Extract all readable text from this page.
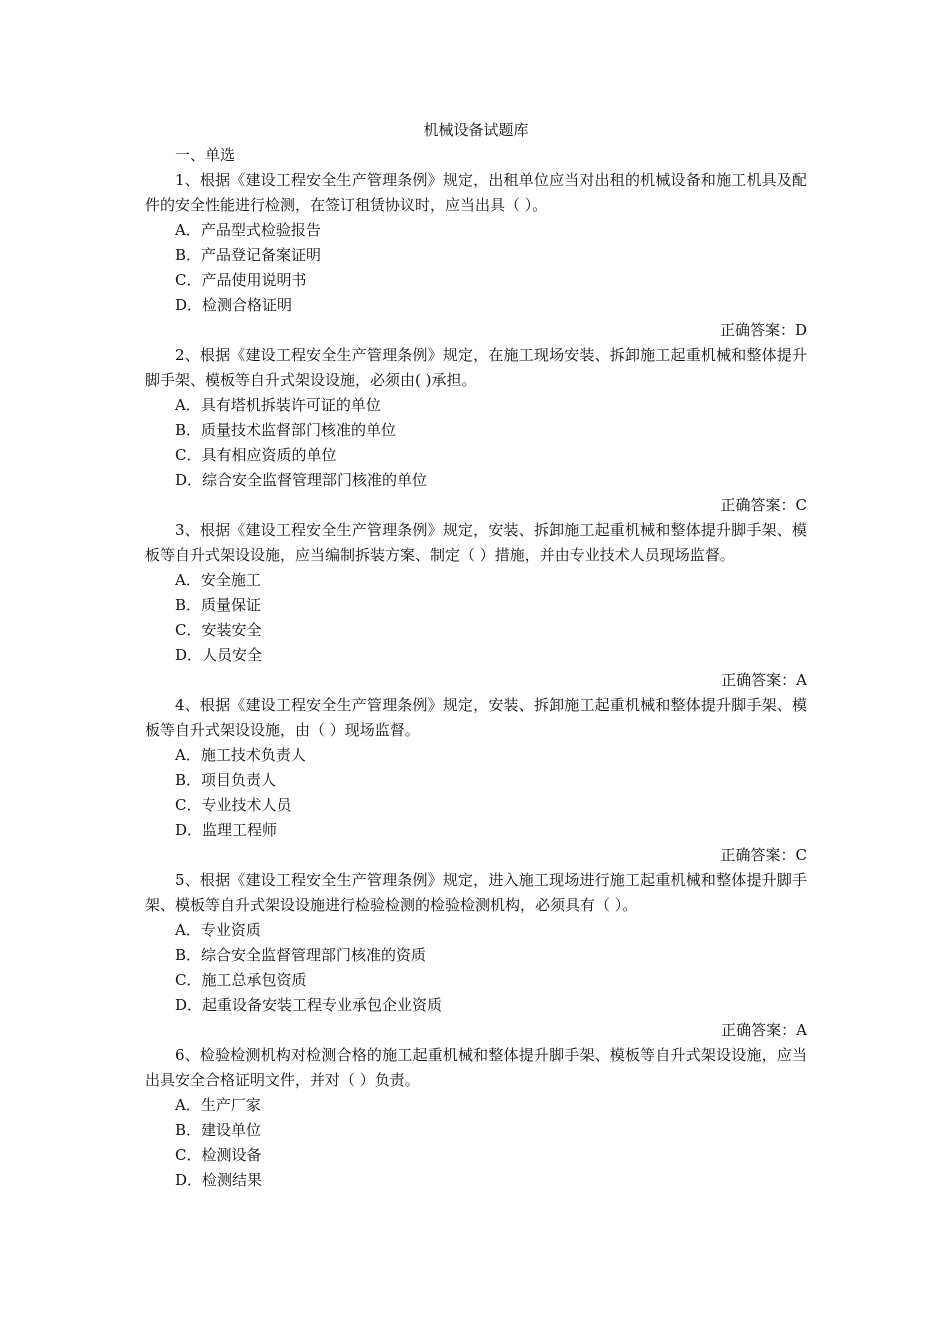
机械设备试题库
一、单选
1、根据《建设工程安全生产管理条例》规定，出租单位应当对出租的机械设备和施工机具及配件的安全性能进行检测，在签订租赁协议时，应当出具（ ）。
A．产品型式检验报告
B．产品登记备案证明
C．产品使用说明书
D．检测合格证明
正确答案：D
2、根据《建设工程安全生产管理条例》规定，在施工现场安装、拆卸施工起重机械和整体提升脚手架、模板等自升式架设设施，必须由( )承担。
A．具有塔机拆装许可证的单位
B．质量技术监督部门核准的单位
C．具有相应资质的单位
D．综合安全监督管理部门核准的单位
正确答案：C
3、根据《建设工程安全生产管理条例》规定，安装、拆卸施工起重机械和整体提升脚手架、模板等自升式架设设施，应当编制拆装方案、制定（ ）措施，并由专业技术人员现场监督。
A．安全施工
B．质量保证
C．安装安全
D．人员安全
正确答案：A
4、根据《建设工程安全生产管理条例》规定，安装、拆卸施工起重机械和整体提升脚手架、模板等自升式架设设施，由（ ）现场监督。
A．施工技术负责人
B．项目负责人
C．专业技术人员
D．监理工程师
正确答案：C
5、根据《建设工程安全生产管理条例》规定，进入施工现场进行施工起重机械和整体提升脚手架、模板等自升式架设设施进行检验检测的检验检测机构，必须具有（ ）。
A．专业资质
B．综合安全监督管理部门核准的资质
C．施工总承包资质
D．起重设备安装工程专业承包企业资质
正确答案：A
6、检验检测机构对检测合格的施工起重机械和整体提升脚手架、模板等自升式架设设施，应当出具安全合格证明文件，并对（ ）负责。
A．生产厂家
B．建设单位
C．检测设备
D．检测结果
